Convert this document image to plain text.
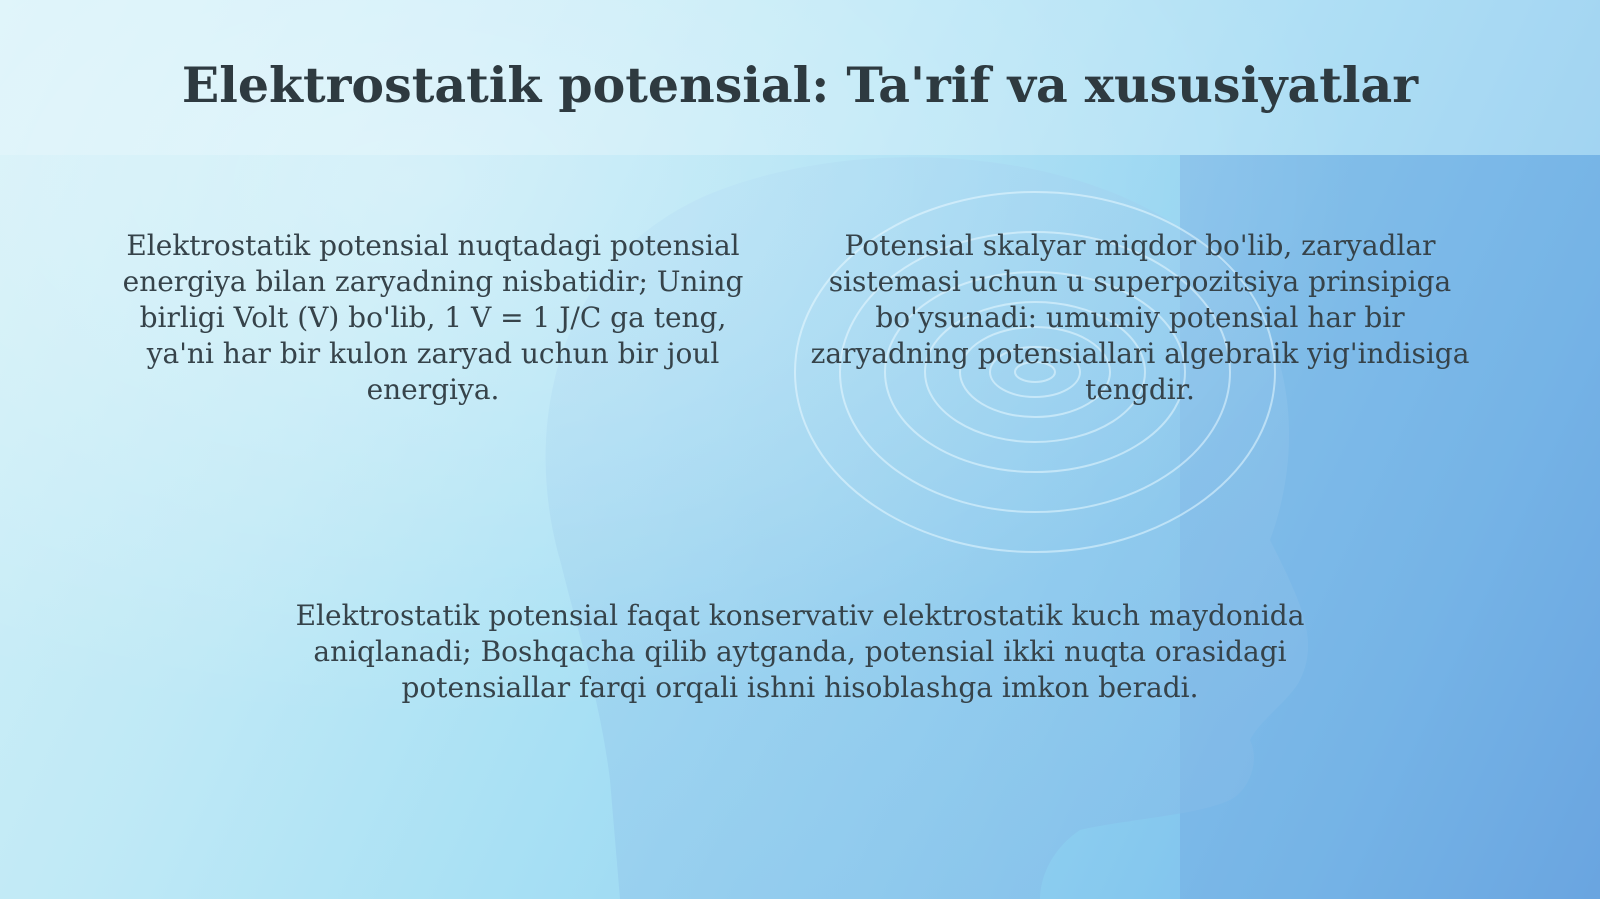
Elektrostatik potensial: Ta'rif va xususiyatlar

Elektrostatik potensial nuqtadagi potensial energiya bilan zaryadning nisbatidir; Uning birligi Volt (V) bo'lib, 1 V = 1 J/C ga teng, ya'ni har bir kulon zaryad uchun bir joul energiya.

Potensial skalyar miqdor bo'lib, zaryadlar sistemasi uchun u superpozitsiya prinsipiga bo'ysunadi: umumiy potensial har bir zaryadning potensiallari algebraik yig'indisiga tengdir.

Elektrostatik potensial faqat konservativ elektrostatik kuch maydonida aniqlanadi; Boshqacha qilib aytganda, potensial ikki nuqta orasidagi potensiallar farqi orqali ishni hisoblashga imkon beradi.
